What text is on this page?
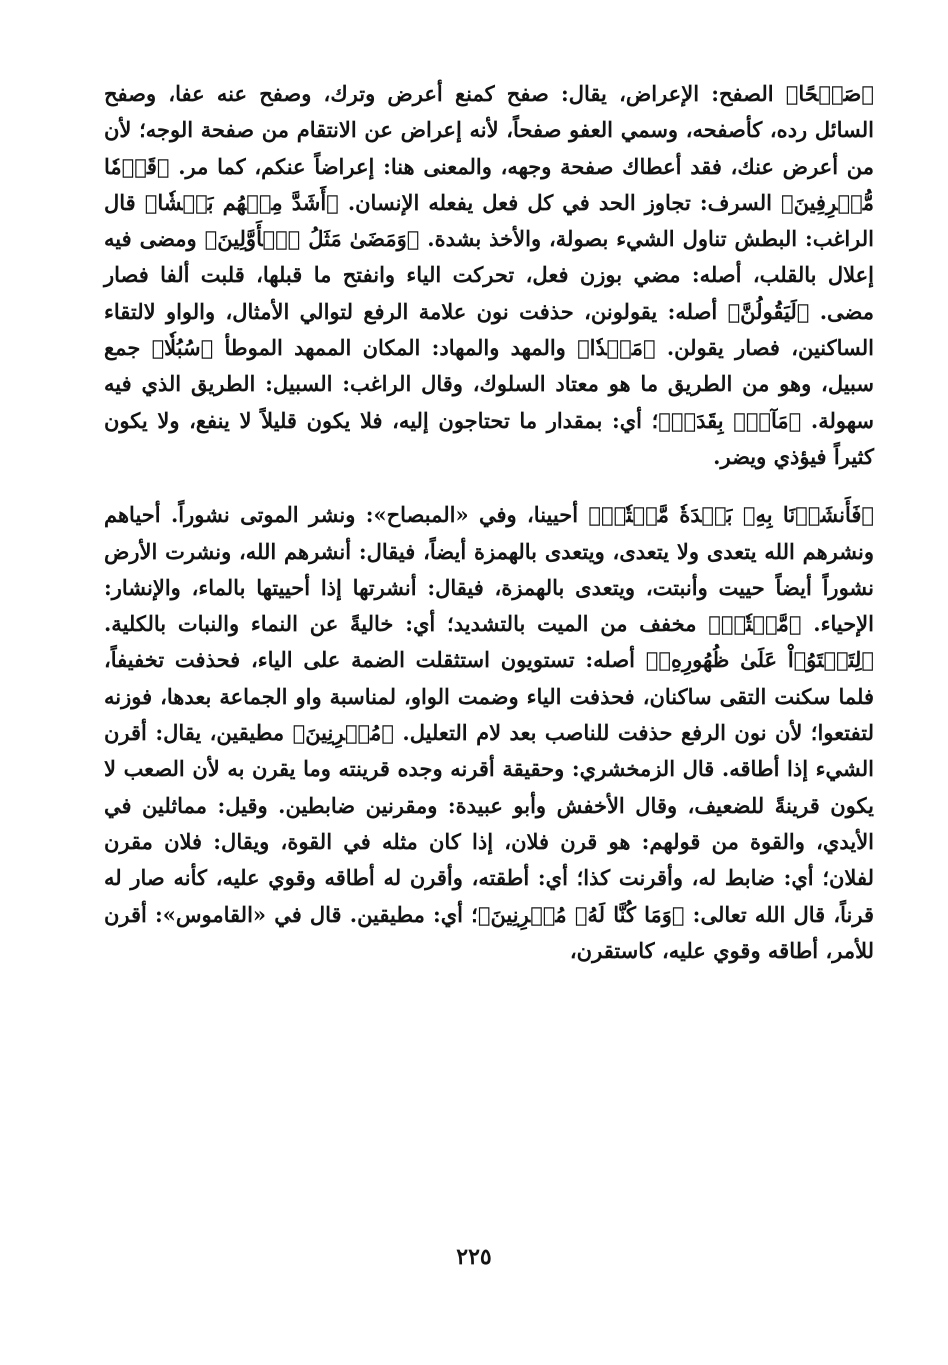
﴿صَفۡحًا﴾ الصفح: الإعراض، يقال: صفح كمنع أعرض وترك، وصفح عنه عفا، وصفح السائل رده، كأصفحه، وسمي العفو صفحاً، لأنه إعراض عن الانتقام من صفحة الوجه؛ لأن من أعرض عنك، فقد أعطاك صفحة وجهه، والمعنى هنا: إعراضاً عنكم، كما مر. ﴿قَوۡمٗا مُّسۡرِفِينَ﴾ السرف: تجاوز الحد في كل فعل يفعله الإنسان. ﴿أَشَدَّ مِنۡهُم بَطۡشٗا﴾ قال الراغب: البطش تناول الشيء بصولة، والأخذ بشدة. ﴿وَمَضَىٰ مَثَلُ ٱلۡأَوَّلِينَ﴾ ومضى فيه إعلال بالقلب، أصله: مضي بوزن فعل، تحركت الياء وانفتح ما قبلها، قلبت ألفا فصار مضى. ﴿لَيَقُولُنَّ﴾ أصله: يقولونن، حذفت نون علامة الرفع لتوالي الأمثال، والواو لالتقاء الساكنين، فصار يقولن. ﴿مَهۡدٗا﴾ والمهد والمهاد: المكان الممهد الموطأ ﴿سُبُلٗا﴾ جمع سبيل، وهو من الطريق ما هو معتاد السلوك، وقال الراغب: السبيل: الطريق الذي فيه سهولة. ﴿مَآءَۢ بِقَدَرٖ﴾؛ أي: بمقدار ما تحتاجون إليه، فلا يكون قليلاً لا ينفع، ولا يكون كثيراً فيؤذي ويضر.

﴿فَأَنشَرۡنَا بِهِۦ بَلۡدَةٗ مَّيۡتٗاۚ﴾ أحيينا، وفي «المبصاح»: ونشر الموتى نشوراً. أحياهم ونشرهم الله يتعدى ولا يتعدى، ويتعدى بالهمزة أيضاً، فيقال: أنشرهم الله، ونشرت الأرض نشوراً أيضاً حييت وأنبتت، ويتعدى بالهمزة، فيقال: أنشرتها إذا أحييتها بالماء، والإنشار: الإحياء. ﴿مَّيۡتٗاۚ﴾ مخفف من الميت بالتشديد؛ أي: خاليةً عن النماء والنبات بالكلية. ﴿لِتَسۡتَوُۥاْ عَلَىٰ ظُهُورِهِۦ﴾ أصله: تستويون استثقلت الضمة على الياء، فحذفت تخفيفاً، فلما سكنت التقى ساكنان، فحذفت الياء وضمت الواو، لمناسبة واو الجماعة بعدها، فوزنه لتفتعوا؛ لأن نون الرفع حذفت للناصب بعد لام التعليل. ﴿مُقۡرِنِينَ﴾ مطيقين، يقال: أقرن الشيء إذا أطاقه. قال الزمخشري: وحقيقة أقرنه وجده قرينته وما يقرن به لأن الصعب لا يكون قرينةً للضعيف، وقال الأخفش وأبو عبيدة: ومقرنين ضابطين. وقيل: مماثلين في الأيدي، والقوة من قولهم: هو قرن فلان، إذا كان مثله في القوة، ويقال: فلان مقرن لفلان؛ أي: ضابط له، وأقرنت كذا؛ أي: أطقته، وأقرن له أطاقه وقوي عليه، كأنه صار له قرناً، قال الله تعالى: ﴿وَمَا كُنَّا لَهُۥ مُقۡرِنِينَ﴾؛ أي: مطيقين. قال في «القاموس»: أقرن للأمر، أطاقه وقوي عليه، كاستقرن،

٢٢٥
